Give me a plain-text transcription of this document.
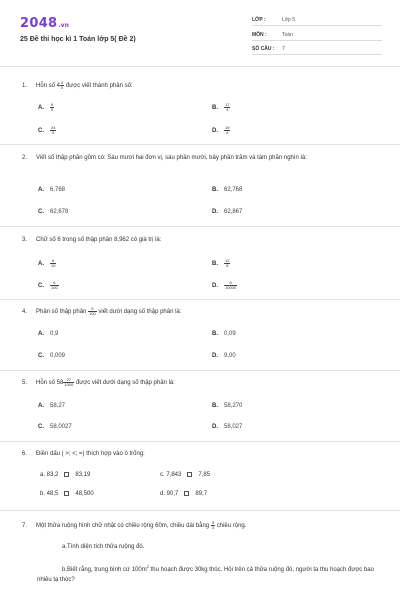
2048 .vn
25 Đề thi học kì 1 Toán lớp 5( Đề 2)
LỚP :	Lớp 5
MÔN :	Toán
SỐ CÂU : 7
1. Hỗn số $4 \frac{4}{5}$ được viết thành phân số:
A. $\frac{9}{5}$	B. $\frac{17}{4}$
C. $\frac{24}{5}$	D. $\frac{19}{4}$
2. Viết số thập phân gồm có: Sáu mươi hai đơn vị, sáu phần mười, bảy phần trăm và tám phần nghìn là:
A. 6,768	B. 62,768
C. 62,678	D. 62,867
3. Chữ số 6 trong số thập phân 8,962 có giá trị là:
A. $\frac{6}{10}$	B. $\frac{12}{5}$
C. $\frac{6}{100}$	D. $\frac{6}{10000}$
4. Phân số thập phân $\frac{9}{100}$ viết dưới dạng số thập phân là:
A. 0,9	B. 0,09
C. 0,009	D. 9,00
5. Hỗn số $58 \frac{27}{1000}$ được viết dưới dạng số thập phân là:
A. 58,27	B. 58,270
C. 58,0027	D. 58,027
6. Điền dấu ( >; <; =) thích hợp vào ô trống:
a. 83,2	83,19	c. 7,843	7,85
b. 48,5	48,500	d. 90,7	89,7
7. Một thửa ruộng hình chữ nhật có chiều rộng 60m, chiều dài bằng $\frac{5}{3}$ chiều rộng.
a.Tính diện tích thửa ruộng đó.
b.Biết rằng, trung bình cứ $100m^2$ thu hoạch được 30kg thóc. Hỏi trên cả thửa ruộng đó, người ta thu hoạch được bao nhiêu tạ thóc?
